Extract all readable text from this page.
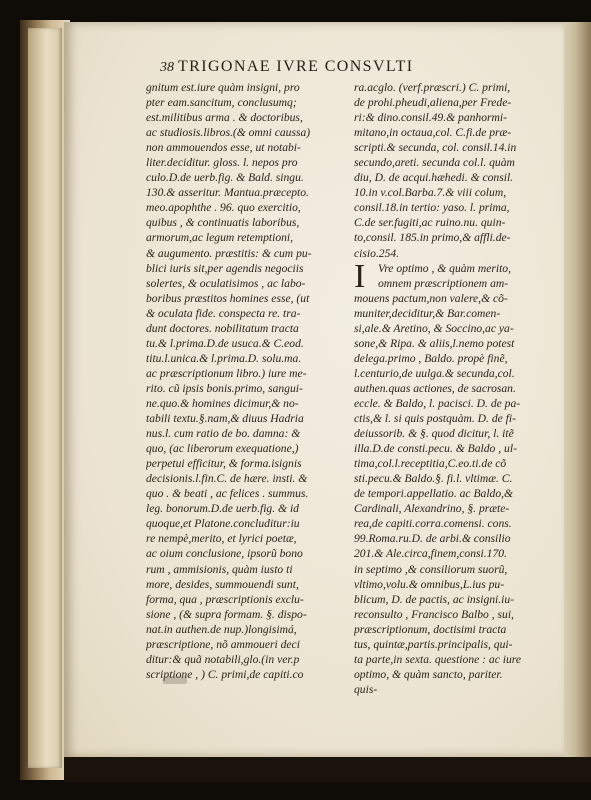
38 TRIGONAE IVRE CONSVLTI
gnitum est.iure quàm insigni, pro
pter eam.sancitum, conclusumq;
est.militibus arma . & doctoribus,
ac studiosis.libros.(& omni caussa)
non ammouendos esse, ut notabi-
liter.deciditur. gloss. l. nepos pro
culo.D.de uerb.fig. & Bald. singu.
130.& asseritur. Mantua.præcepto.
meo.apophthe . 96. quo exercitio,
quibus , & continuatis laboribus,
armorum,ac legum retemptioni,
& augumento. præstitis: & cum pu-
blici iuris sit,per agendis negociis
solertes, & oculatisimos , ac labo-
boribus præstitos homines esse, (ut
& oculata fide. conspecta re. tra-
dunt doctores. nobilitatum tracta
tu.& l.prima.D.de usuca.& C.eod.
titu.l.unica.& l.prima.D. solu.ma.
ac præscriptionum libro.) iure me-
rito. cũ ipsis bonis.primo, sangui-
ne.quo.& homines dicimur,& no-
tabili textu.§.nam,& diuus Hadria
nus.l. cum ratio de bo. damna: &
quo, (ac liberorum exequatione,)
perpetui efficitur, & forma.isignis
decisionis.l.fin.C. de hære. insti. &
quo . & beati , ac felices . summus.
leg. bonorum.D.de uerb.fig. & id
quoque,et Platone.concluditur:iu
re nempè,merito, et lyrici poetæ,
ac oium conclusione, ipsorũ bono
rum , ammisionis, quàm iusto ti
more, desides, summouendi sunt,
forma, qua , præscriptionis exclu-
sione , (& supra formam. §. dispo-
nat.in authen.de nup.)longisimá,
præscriptione, nõ ammoueri deci
ditur:& quã notabili,glo.(in ver.p
scriptione , ) C. primi,de capiti.co
ra.acglo. (verf.præscri.) C. primi,
de prohi.pheudi,aliena,per Frede-
ri:& dino.consil.49.& panhormi-
mitano,in octaua,col. C.fi.de præ-
scripti.& secunda, col. consil.14.in
secundo,areti. secunda col.l. quàm
diu, D. de acqui.hæhedi. & consil.
10.in v.col.Barba.7.& viii colum,
consil.18.in tertio: yaso. l. prima,
C.de ser.fugiti,ac ruino.nu. quin-
to,consil. 185.in primo,& affli.de-
cisio.254.
I Vre optimo , & quàm merito,
omnem præscriptionem am-
mouens pactum,non valere,& cõ-
muniter,deciditur,& Bar.comen-
si,ale.& Aretino, & Soccino,ac ya-
sone,& Ripa. & aliis,l.nemo potest
delega.primo , Baldo. propè finẽ,
l.centurio,de uulga.& secunda,col.
authen.quas actiones, de sacrosan.
eccle. & Baldo, l. pacisci. D. de pa-
ctis,& l. si quis postquàm. D. de fi-
deiussorib. & §. quod dicitur, l. itẽ
illa.D.de consti.pecu. & Baldo , ul-
tima,col.l.receptitia,C.eo.ti.de cõ
sti.pecu.& Baldo.§. fi.l. vltimæ. C.
de tempori.appellatio. ac Baldo,&
Cardinali, Alexandrino, §. præte-
rea,de capiti.corra.comensi. cons.
99.Roma.ru.D. de arbi.& consilio
201.& Ale.circa,finem,consi.170.
in septimo ,& consiliorum suorũ,
vltimo,volu.& omnibus,L.ius pu-
blicum, D. de pactis, ac insigni.iu-
reconsulto , Francisco Balbo , sui,
præscriptionum, doctisimi tracta
tus, quintæ,partis.principalis, qui-
ta parte,in sexta. questione : ac iure
optimo, & quàm sancto, pariter.
quis-
